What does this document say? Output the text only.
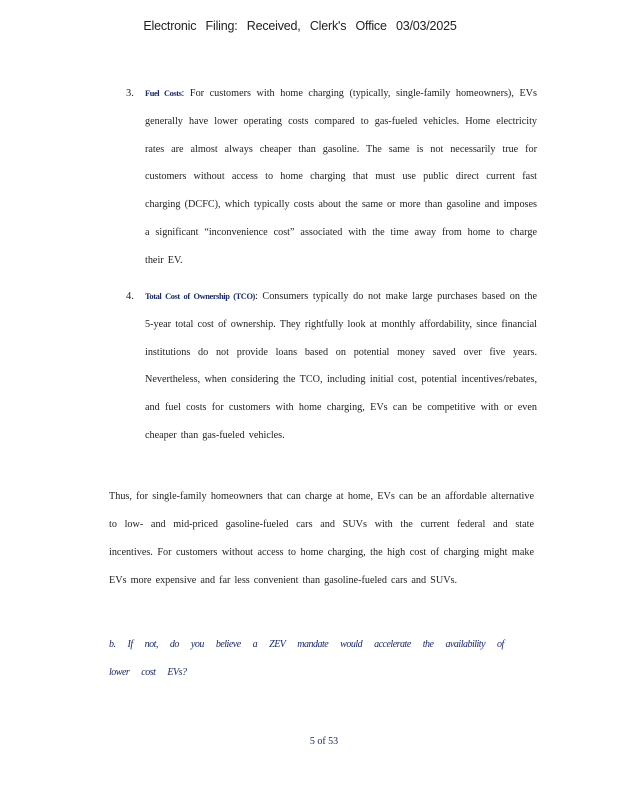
Electronic Filing: Received, Clerk's Office 03/03/2025
3. Fuel Costs: For customers with home charging (typically, single-family homeowners), EVs generally have lower operating costs compared to gas-fueled vehicles. Home electricity rates are almost always cheaper than gasoline. The same is not necessarily true for customers without access to home charging that must use public direct current fast charging (DCFC), which typically costs about the same or more than gasoline and imposes a significant “inconvenience cost” associated with the time away from home to charge their EV.
4. Total Cost of Ownership (TCO): Consumers typically do not make large purchases based on the 5-year total cost of ownership. They rightfully look at monthly affordability, since financial institutions do not provide loans based on potential money saved over five years. Nevertheless, when considering the TCO, including initial cost, potential incentives/rebates, and fuel costs for customers with home charging, EVs can be competitive with or even cheaper than gas-fueled vehicles.

Thus, for single-family homeowners that can charge at home, EVs can be an affordable alternative to low- and mid-priced gasoline-fueled cars and SUVs with the current federal and state incentives. For customers without access to home charging, the high cost of charging might make EVs more expensive and far less convenient than gasoline-fueled cars and SUVs.

b. If not, do you believe a ZEV mandate would accelerate the availability of lower cost EVs?

5 of 53
